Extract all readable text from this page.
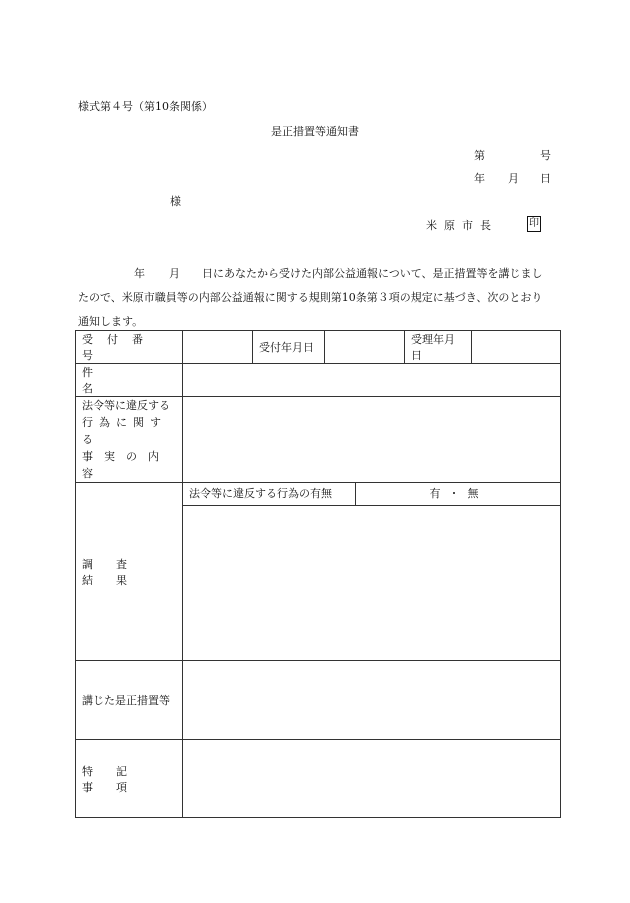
様式第４号（第10条関係）
是正措置等通知書
第	号
年 月 日
様
米原市長	印

年 月 日にあなたから受けた内部公益通報について、是正措置等を講じまし

たので、米原市職員等の内部公益通報に関する規則第10条第３項の規定に基づき、次のとおり

通知します。

受付番号		受付年月日		受理年月日	
件名					

法令等に違反する
行為に関する
事実の内容					

調査結果	法令等に違反する行為の有無 有・無				

講じた是正措置等					
特記事項					
